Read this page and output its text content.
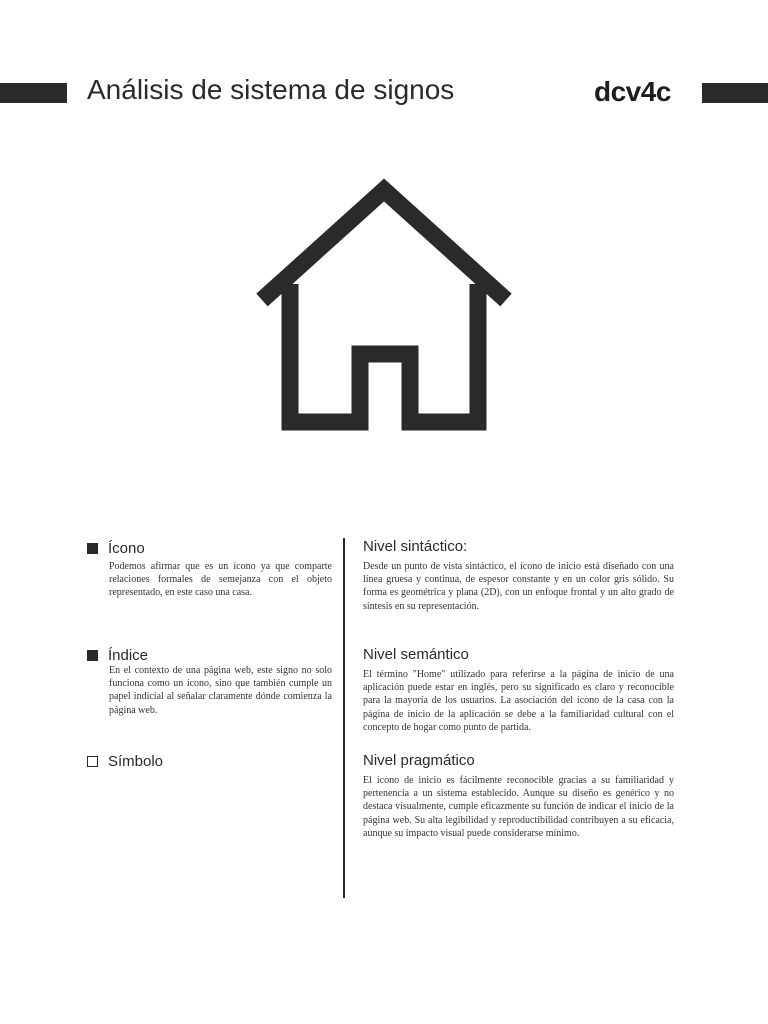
Análisis de sistema de signos	dcv4c
Ícono
Podemos afirmar que es un ícono ya que comparte relaciones formales de semejanza con el objeto representado, en este caso una casa.
Índice
En el contexto de una página web, este signo no solo funciona como un ícono, sino que también cumple un papel indicial al señalar claramente dónde comienza la página web.
Símbolo
Nivel sintáctico:
Desde un punto de vista sintáctico, el ícono de inicio está diseñado con una línea gruesa y continua, de espesor constante y en un color gris sólido. Su forma es geométrica y plana (2D), con un enfoque frontal y un alto grado de síntesis en su representación.
Nivel semántico
El término "Home" utilizado para referirse a la página de inicio de una aplicación puede estar en inglés, pero su significado es claro y reconocible para la mayoría de los usuarios. La asociación del ícono de la casa con la página de inicio de la aplicación se debe a la familiaridad cultural con el concepto de hogar como punto de partida.
Nivel pragmático
El ícono de inicio es fácilmente reconocible gracias a su familiaridad y pertenencia a un sistema establecido. Aunque su diseño es genérico y no destaca visualmente, cumple eficazmente su función de indicar el inicio de la página web. Su alta legibilidad y reproductibilidad contribuyen a su eficacia, aunque su impacto visual puede considerarse mínimo.
